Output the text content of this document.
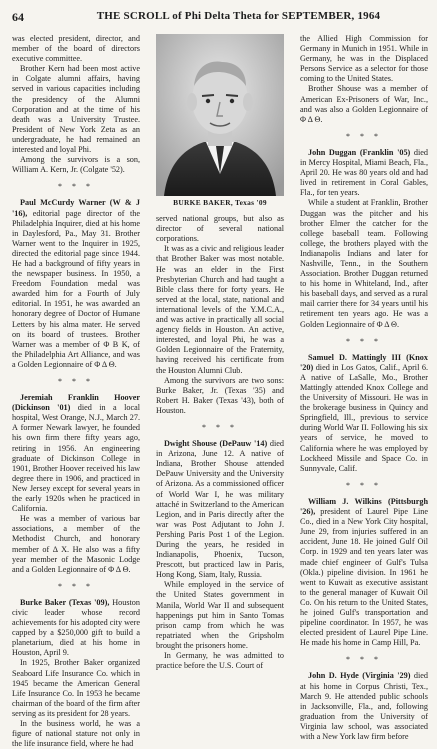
64	THE SCROLL of Phi Delta Theta for SEPTEMBER, 1964

was elected president, director, and member of the board of directors executive committee.

Brother Kern had been most active in Colgate alumni affairs, having served in various capacities including the presidency of the Alumni Corporation and at the time of his death was a University Trustee. President of New York Zeta as an undergraduate, he had remained an interested and loyal Phi.

Among the survivors is a son, William A. Kern, Jr. (Colgate '52).

* * *

Paul McCurdy Warner (W & J '16), editorial page director of the Philadelphia Inquirer, died at his home in Daylesford, Pa., May 31. Brother Warner went to the Inquirer in 1925, directed the editorial page since 1944. He had a background of fifty years in the newspaper business. In 1950, a Freedom Foundation medal was awarded him for a Fourth of July editorial. In 1951, he was awarded an honorary degree of Doctor of Humane Letters by his alma mater. He served on its board of trustees. Brother Warner was a member of Φ Β Κ, of the Philadelphia Art Alliance, and was a Golden Legionnaire of Φ Δ Θ.

* * *

Jeremiah Franklin Hoover (Dickinson '01) died in a local hospital, West Orange, N.J., March 27. A former Newark lawyer, he founded his own firm there fifty years ago, retiring in 1956. An engineering graduate of Dickinson College in 1901, Brother Hoover received his law degree there in 1906, and practiced in New Jersey except for several years in the early 1920s when he practiced in California.

He was a member of various bar associations, a member of the Methodist Church, and honorary member of Δ Χ. He also was a fifty year member of the Masonic Lodge and a Golden Legionnaire of Φ Δ Θ.

* * *

Burke Baker (Texas '09), Houston civic leader whose record achievements for his adopted city were capped by a $250,000 gift to build a planetarium, died at his home in Houston, April 9.

In 1925, Brother Baker organized Seaboard Life Insurance Co. which in 1945 became the American General Life Insurance Co. In 1953 he became chairman of the board of the firm after serving as its president for 28 years.

In the business world, he was a figure of national stature not only in the life insurance field, where he had

BURKE BAKER, Texas '09

served national groups, but also as director of several national corporations.

It was as a civic and religious leader that Brother Baker was most notable. He was an elder in the First Presbyterian Church and had taught a Bible class there for forty years. He served at the local, state, national and international levels of the Y.M.C.A., and was active in practically all social agency fields in Houston. An active, interested, and loyal Phi, he was a Golden Legionnaire of the Fraternity, having received his certificate from the Houston Alumni Club.

Among the survivors are two sons: Burke Baker, Jr. (Texas '35) and Robert H. Baker (Texas '43), both of Houston.

* * *

Dwight Shouse (DePauw '14) died in Arizona, June 12. A native of Indiana, Brother Shouse attended DePauw University and the University of Arizona. As a commissioned officer of World War I, he was military attaché in Switzerland to the American Legion, and in Paris directly after the war was Post Adjutant to John J. Pershing Paris Post 1 of the Legion. During the years, he resided in Indianapolis, Phoenix, Tucson, Prescott, but practiced law in Paris, Hong Kong, Siam, Italy, Russia.

While employed in the service of the United States government in Manila, World War II and subsequent happenings put him in Santo Tomas prison camp from which he was repatriated when the Gripsholm brought the prisoners home.

In Germany, he was admitted to practice before the U.S. Court of

the Allied High Commission for Germany in Munich in 1951. While in Germany, he was in the Displaced Persons Service as a selector for those coming to the United States.

Brother Shouse was a member of American Ex-Prisoners of War, Inc., and was also a Golden Legionnaire of Φ Δ Θ.

* * *

John Duggan (Franklin '05) died in Mercy Hospital, Miami Beach, Fla., April 20. He was 80 years old and had lived in retirement in Coral Gables, Fla., for ten years.

While a student at Franklin, Brother Duggan was the pitcher and his brother Elmer the catcher for the college baseball team. Following college, the brothers played with the Indianapolis Indians and later for Nashville, Tenn., in the Southern Association. Brother Duggan returned to his home in Whiteland, Ind., after his baseball days, and served as a rural mail carrier there for 34 years until his retirement ten years ago. He was a Golden Legionnaire of Φ Δ Θ.

* * *

Samuel D. Mattingly III (Knox '20) died in Los Gatos, Calif., April 6. A native of LaSalle, Mo., Brother Mattingly attended Knox College and the University of Missouri. He was in the brokerage business in Quincy and Springfield, Ill., previous to service during World War II. Following his six years of service, he moved to California where he was employed by Lockheed Missile and Space Co. in Sunnyvale, Calif.

* * *

William J. Wilkins (Pittsburgh '26), president of Laurel Pipe Line Co., died in a New York City hospital, June 29, from injuries suffered in an accident, June 18. He joined Gulf Oil Corp. in 1929 and ten years later was made chief engineer of Gulf's Tulsa (Okla.) pipeline division. In 1961 he went to Kuwait as executive assistant to the general manager of Kuwait Oil Co. On his return to the United States, he joined Gulf's transportation and pipeline coordinator. In 1957, he was elected president of Laurel Pipe Line. He made his home in Camp Hill, Pa.

* * *

John D. Hyde (Virginia '29) died at his home in Corpus Christi, Tex., March 9. He attended public schools in Jacksonville, Fla., and, following graduation from the University of Virginia law school, was associated with a New York law firm before
